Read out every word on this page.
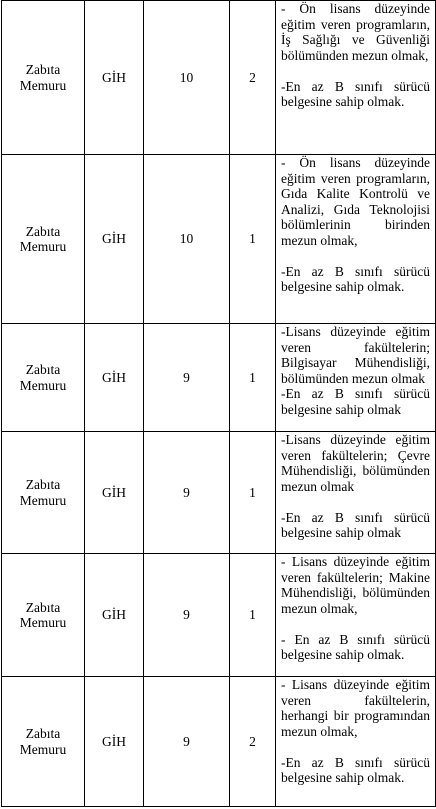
Zabıta Memuru	GİH	10	2	- Ön lisans düzeyinde eğitim veren programların, İş Sağlığı ve Güvenliği bölümünden mezun olmak,
-En az B sınıfı sürücü belgesine sahip olmak.

Zabıta Memuru	GİH	10	1	- Ön lisans düzeyinde eğitim veren programların, Gıda Kalite Kontrolü ve Analizi, Gıda Teknolojisi bölümlerinin birinden mezun olmak,
-En az B sınıfı sürücü belgesine sahip olmak.

Zabıta Memuru	GİH	9	1	-Lisans düzeyinde eğitim veren fakültelerin; Bilgisayar Mühendisliği, bölümünden mezun olmak
-En az B sınıfı sürücü belgesine sahip olmak

Zabıta Memuru	GİH	9	1	-Lisans düzeyinde eğitim veren fakültelerin; Çevre Mühendisliği, bölümünden mezun olmak
-En az B sınıfı sürücü belgesine sahip olmak

Zabıta Memuru	GİH	9	1	- Lisans düzeyinde eğitim veren fakültelerin; Makine Mühendisliği, bölümünden mezun olmak,
- En az B sınıfı sürücü belgesine sahip olmak.

Zabıta Memuru	GİH	9	2	- Lisans düzeyinde eğitim veren fakültelerin, herhangi bir programından mezun olmak,
-En az B sınıfı sürücü belgesine sahip olmak.
